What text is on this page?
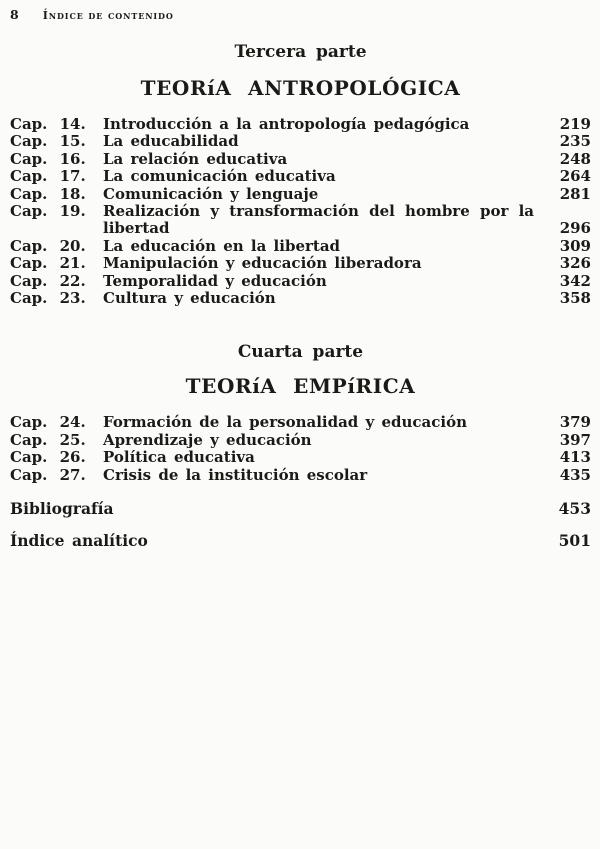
8 Índice de contenido
Tercera parte
TEORíA ANTROPOLÓGICA
Cap. 14.	Introducción a la antropología pedagógica	219
Cap. 15.	La educabilidad	235
Cap. 16.	La relación educativa	248
Cap. 17.	La comunicación educativa	264
Cap. 18.	Comunicación y lenguaje	281
Cap. 19.	Realización y transformación del hombre por la
libertad	296
Cap. 20.	La educación en la libertad	309
Cap. 21.	Manipulación y educación liberadora	326
Cap. 22.	Temporalidad y educación	342
Cap. 23.	Cultura y educación	358
Cuarta parte
TEORíA EMPíRICA
Cap. 24.	Formación de la personalidad y educación	379
Cap. 25.	Aprendizaje y educación	397
Cap. 26.	Política educativa	413
Cap. 27.	Crisis de la institución escolar	435
Bibliografía	453
Índice analítico	501
